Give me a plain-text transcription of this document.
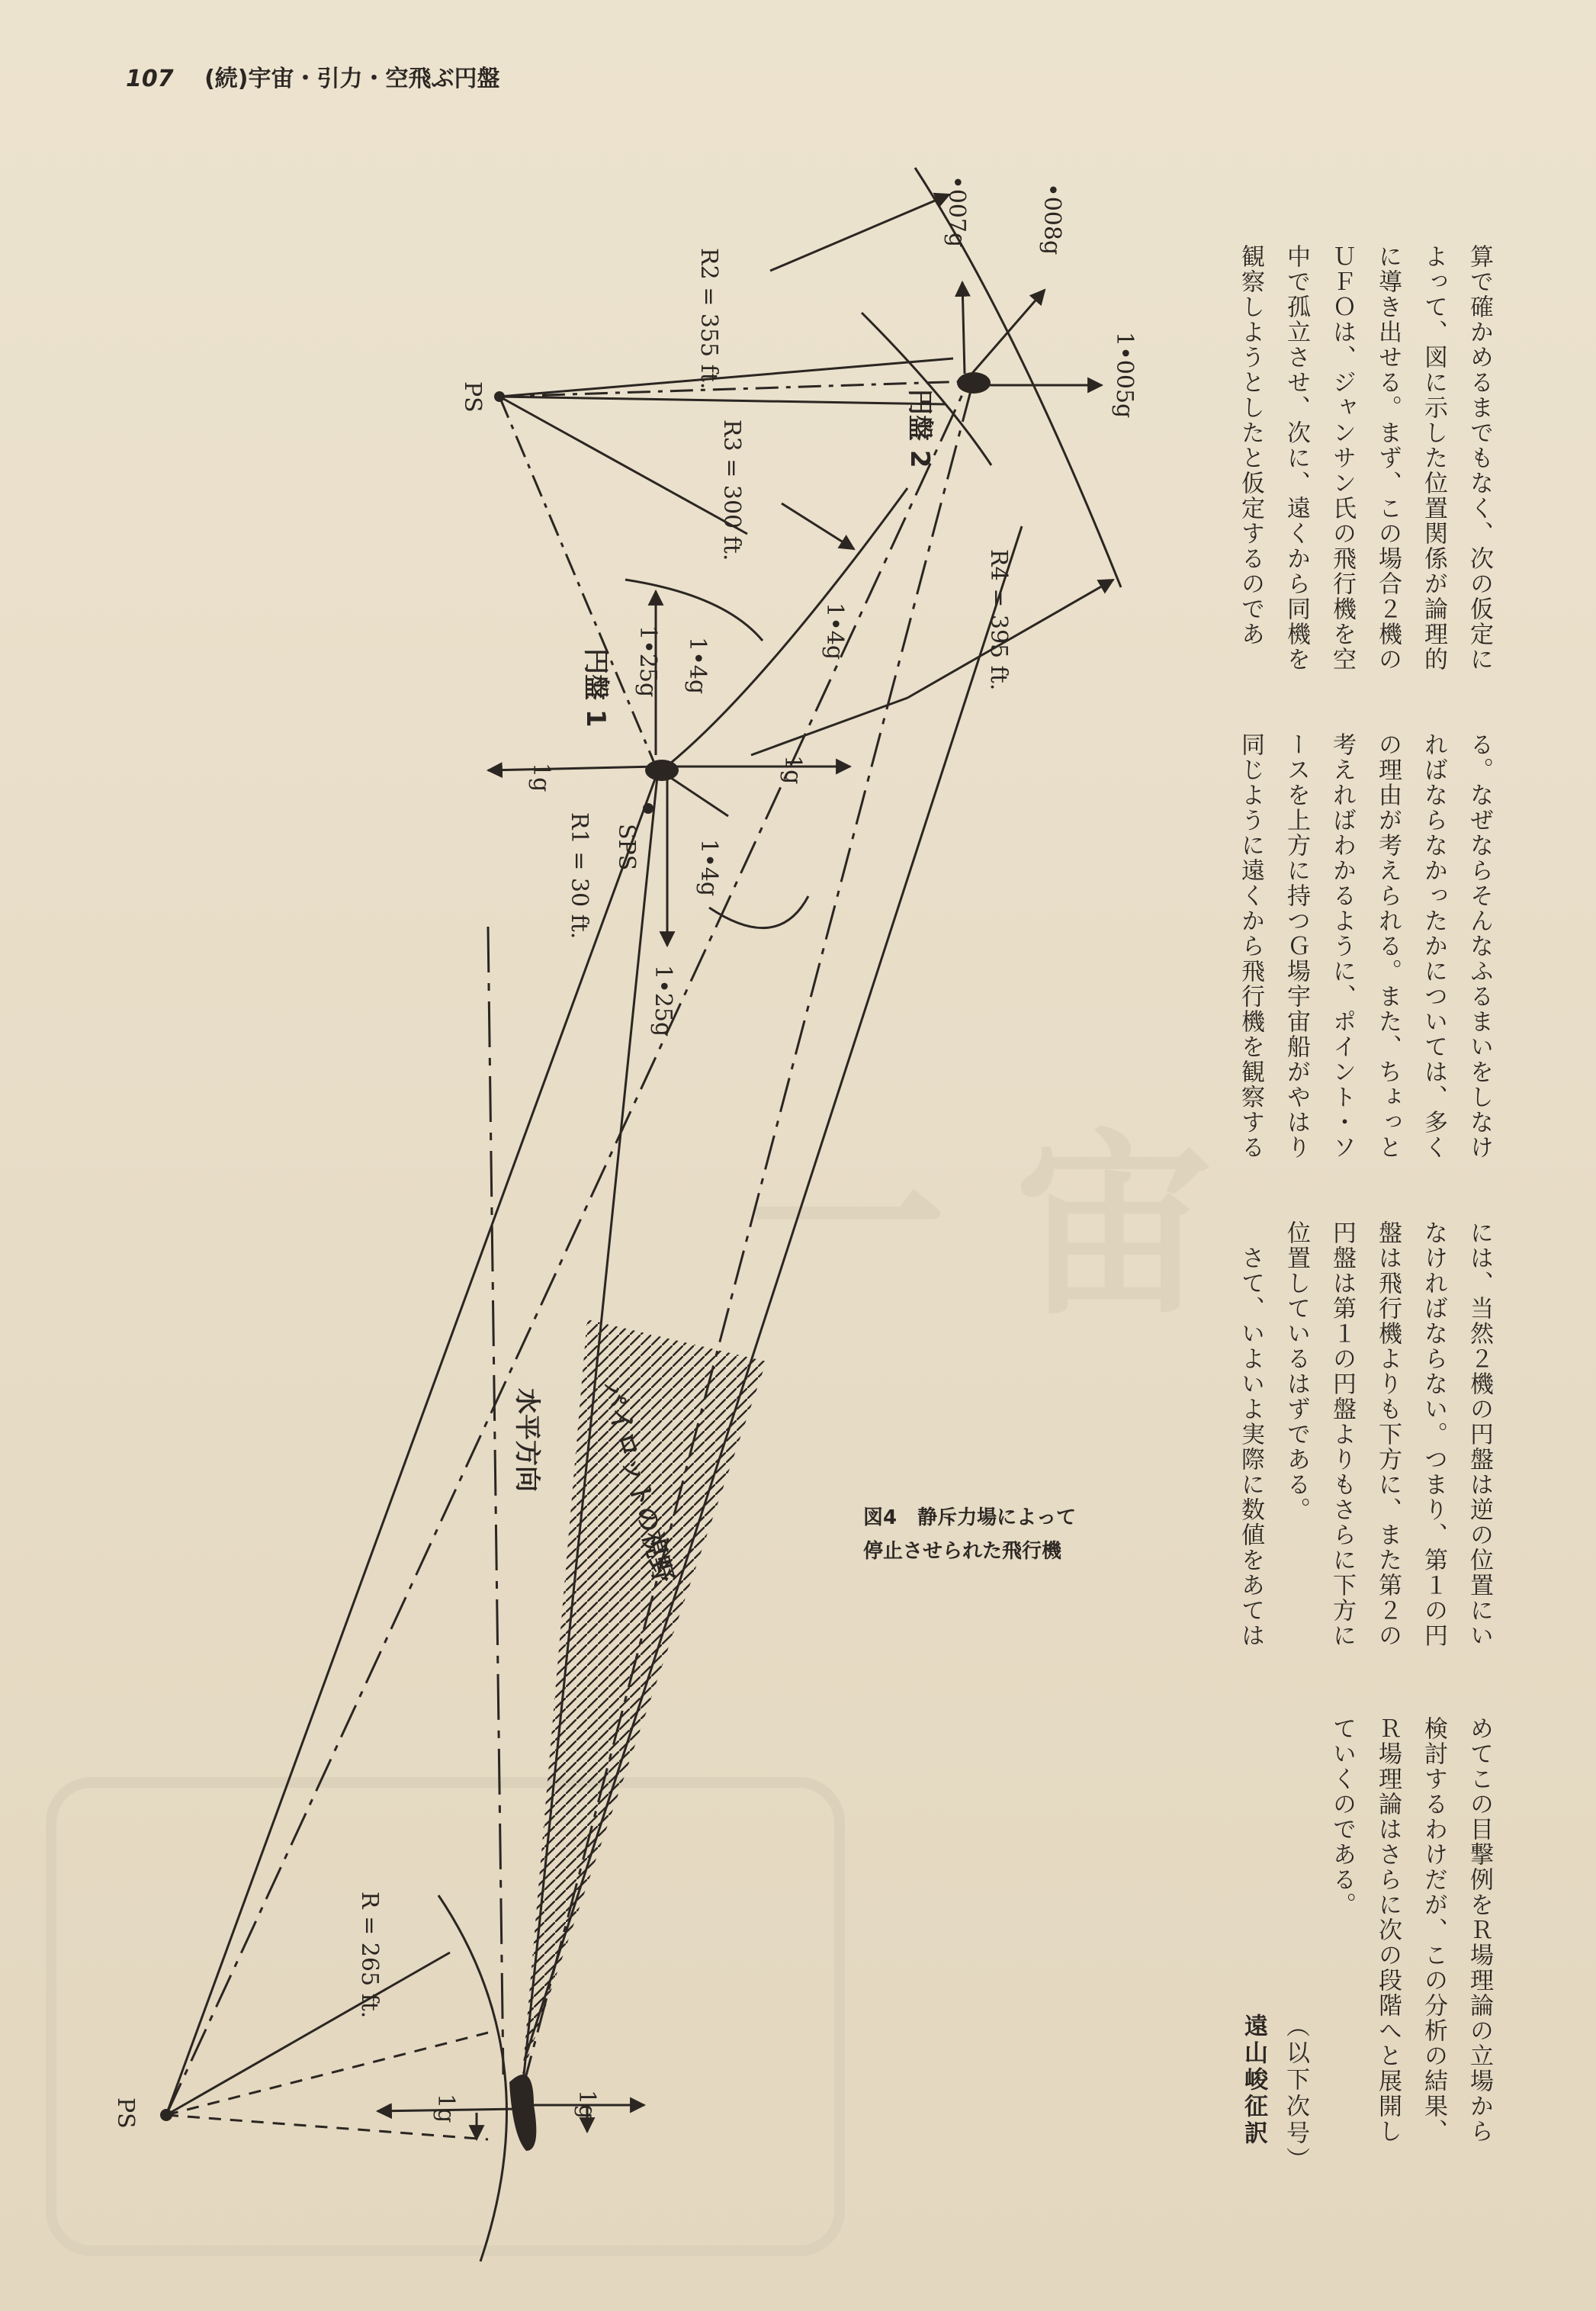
一 宙
107 (続)宇宙・引力・空飛ぶ円盤
•008g
•007g
1•005g
R2 = 355 ft.
R3 = 300 ft.
R4 = 395 ft.
R1 = 30 ft.
R = 265 ft.
PS
PS
SPS
1•4g
1•4g
1•4g
1•25g
1•25g
1g
1g
1g
1g
円盤 2
円盤 1
水平方向 パイロットの視野	図4 静斥力場によって
停止させられた飛行機

算で確かめるまでもなく、次の仮定に

よって、図に示した位置関係が論理的

に導き出せる。まず、この場合２機の

ＵＦＯは、ジャンサン氏の飛行機を空

中で孤立させ、次に、遠くから同機を

観察しようとしたと仮定するのであ

る。なぜならそんなふるまいをしなけ

ればならなかったかについては、多く

の理由が考えられる。また、ちょっと

考えればわかるように、ポイント・ソ

ースを上方に持つＧ場宇宙船がやはり

同じように遠くから飛行機を観察する

には、当然２機の円盤は逆の位置にい

なければならない。つまり、第１の円

盤は飛行機よりも下方に、また第２の

円盤は第１の円盤よりもさらに下方に

位置しているはずである。

　さて、いよいよ実際に数値をあては

めてこの目撃例をＲ場理論の立場から

検討するわけだが、この分析の結果、

Ｒ場理論はさらに次の段階へと展開し

ていくのである。

（以下次号）
遠山峻征訳
